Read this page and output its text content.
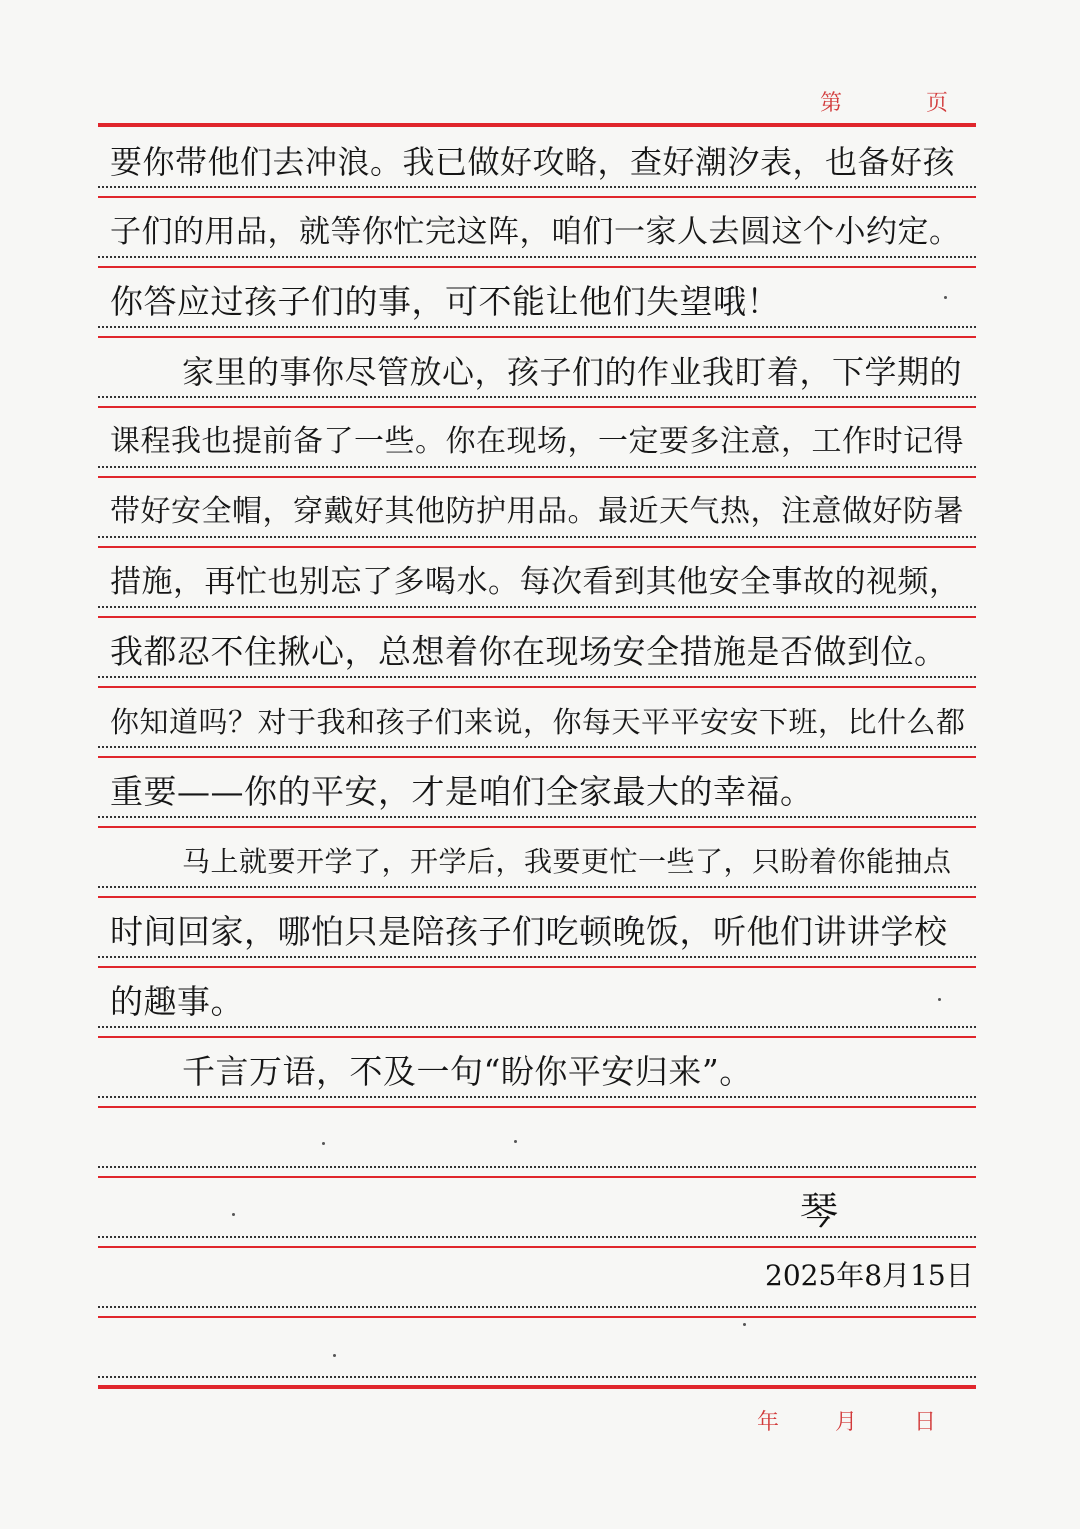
第	页
要你带他们去冲浪。我已做好攻略，查好潮汐表，也备好孩
子们的用品，就等你忙完这阵，咱们一家人去圆这个小约定。
你答应过孩子们的事，可不能让他们失望哦！
家里的事你尽管放心，孩子们的作业我盯着，下学期的
课程我也提前备了一些。你在现场，一定要多注意，工作时记得
带好安全帽，穿戴好其他防护用品。最近天气热，注意做好防暑
措施，再忙也别忘了多喝水。每次看到其他安全事故的视频，
我都忍不住揪心，总想着你在现场安全措施是否做到位。
你知道吗？对于我和孩子们来说，你每天平平安安下班，比什么都
重要——你的平安，才是咱们全家最大的幸福。
马上就要开学了，开学后，我要更忙一些了，只盼着你能抽点
时间回家，哪怕只是陪孩子们吃顿晚饭，听他们讲讲学校
的趣事。
千言万语，不及一句“盼你平安归来”。
琴
2025年8月15日
年	月	日
